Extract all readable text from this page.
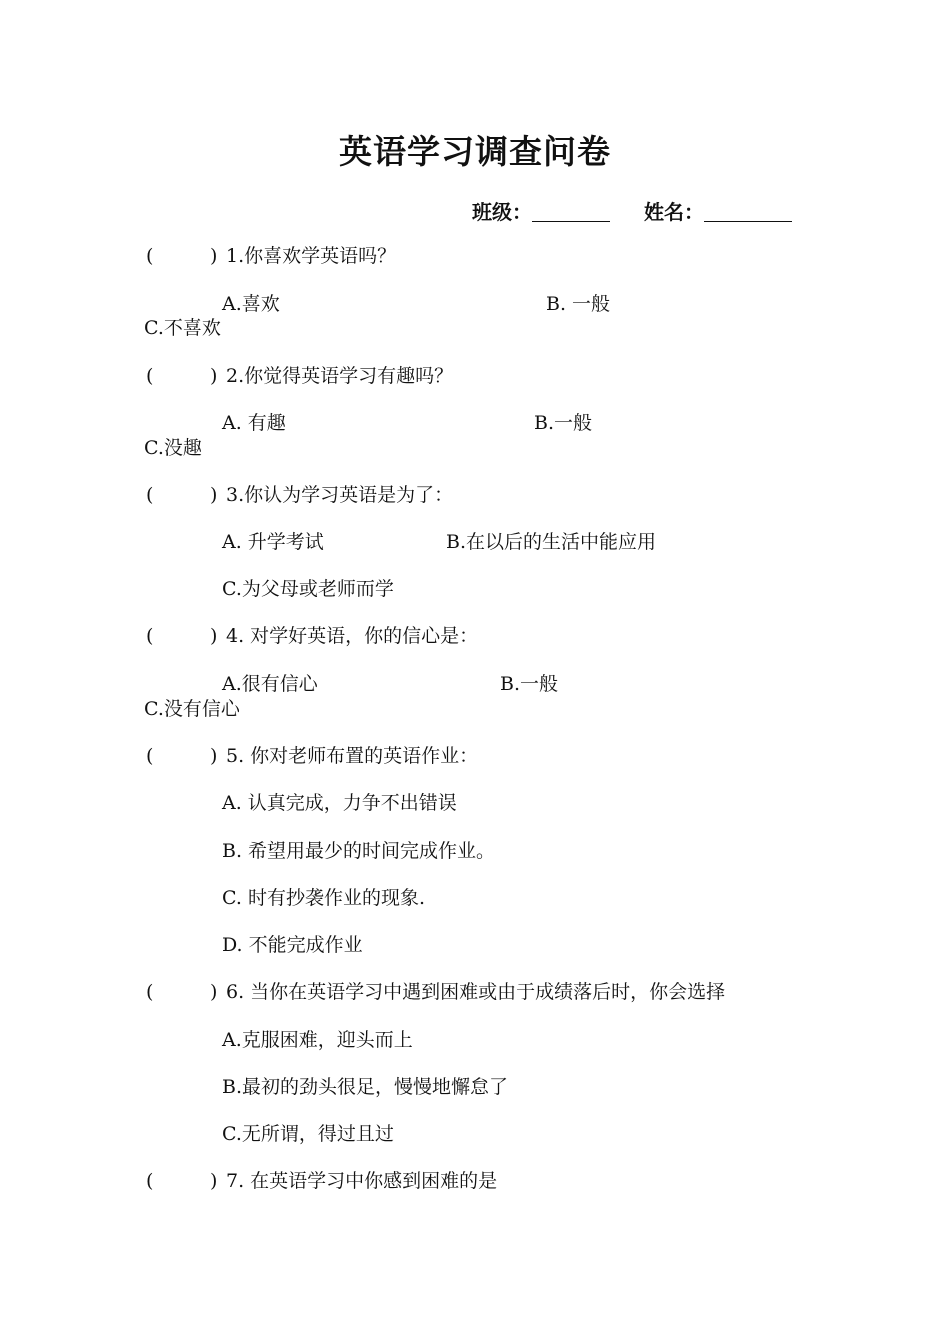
英语学习调查问卷
班级：	姓名：
(	) 1.你喜欢学英语吗？
A.喜欢	B. 一般
C.不喜欢
(	) 2.你觉得英语学习有趣吗？
A. 有趣	B.一般
C.没趣
(	) 3.你认为学习英语是为了：
A. 升学考试	B.在以后的生活中能应用
C.为父母或老师而学
(	) 4. 对学好英语，你的信心是：
A.很有信心	B.一般
C.没有信心
(	) 5. 你对老师布置的英语作业：
A. 认真完成，力争不出错误
B. 希望用最少的时间完成作业。
C. 时有抄袭作业的现象.
D. 不能完成作业
(	) 6. 当你在英语学习中遇到困难或由于成绩落后时，你会选择
A.克服困难，迎头而上
B.最初的劲头很足，慢慢地懈怠了
C.无所谓，得过且过
(	) 7. 在英语学习中你感到困难的是
